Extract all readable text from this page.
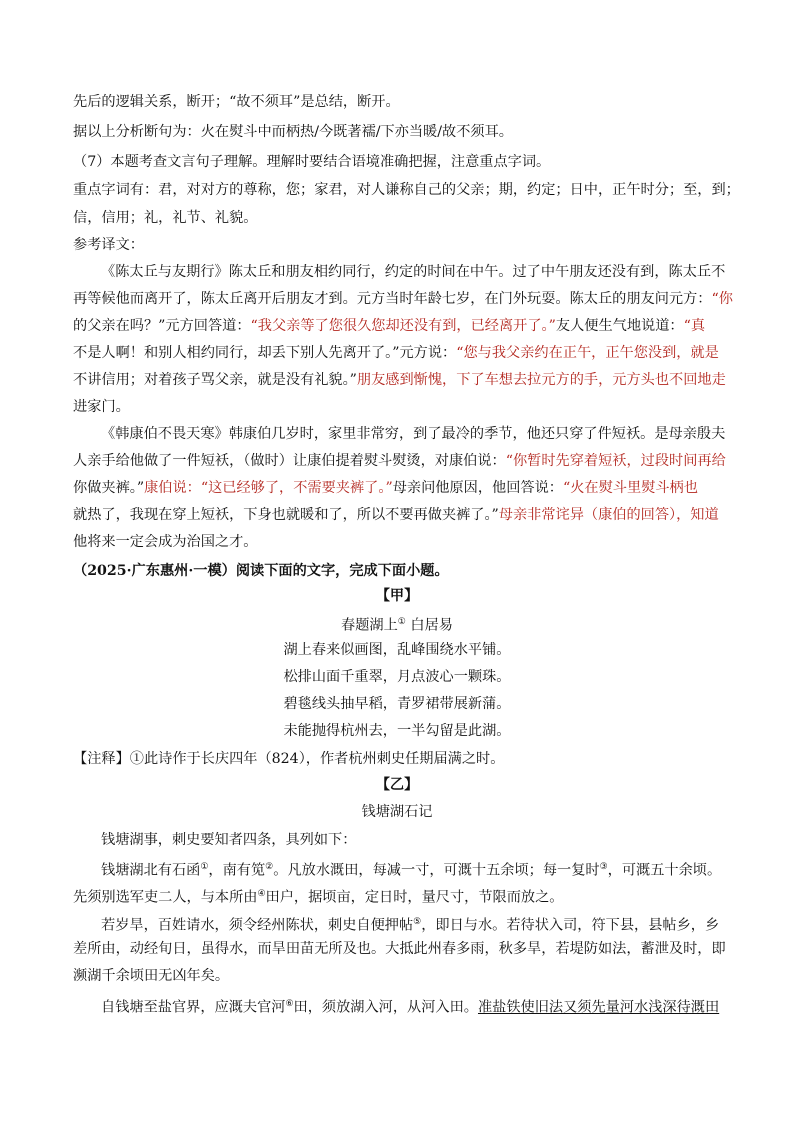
先后的逻辑关系，断开；“故不须耳”是总结，断开。
据以上分析断句为：火在熨斗中而柄热/今既著襦/下亦当暖/故不须耳。
（7）本题考查文言句子理解。理解时要结合语境准确把握，注意重点字词。
重点字词有：君，对对方的尊称，您；家君，对人谦称自己的父亲；期，约定；日中，正午时分；至，到；
信，信用；礼，礼节、礼貌。
参考译文：
《陈太丘与友期行》陈太丘和朋友相约同行，约定的时间在中午。过了中午朋友还没有到，陈太丘不
再等候他而离开了，陈太丘离开后朋友才到。元方当时年龄七岁，在门外玩耍。陈太丘的朋友问元方：“你
的父亲在吗？”元方回答道：“我父亲等了您很久您却还没有到，已经离开了。”友人便生气地说道：“真
不是人啊！和别人相约同行，却丢下别人先离开了。”元方说：“您与我父亲约在正午，正午您没到，就是
不讲信用；对着孩子骂父亲，就是没有礼貌。”朋友感到惭愧，下了车想去拉元方的手，元方头也不回地走
进家门。
《韩康伯不畏天寒》韩康伯几岁时，家里非常穷，到了最冷的季节，他还只穿了件短袄。是母亲殷夫
人亲手给他做了一件短袄，（做时）让康伯提着熨斗熨烫，对康伯说：“你暂时先穿着短袄，过段时间再给
你做夹裤。”康伯说：“这已经够了，不需要夹裤了。”母亲问他原因，他回答说：“火在熨斗里熨斗柄也
就热了，我现在穿上短袄，下身也就暖和了，所以不要再做夹裤了。”母亲非常诧异（康伯的回答），知道
他将来一定会成为治国之才。
（2025·广东惠州·一模）阅读下面的文字，完成下面小题。
【甲】
春题湖上① 白居易
湖上春来似画图，乱峰围绕水平铺。
松排山面千重翠，月点波心一颗珠。
碧毯线头抽早稻，青罗裙带展新蒲。
未能抛得杭州去，一半勾留是此湖。
【注释】①此诗作于长庆四年（824），作者杭州刺史任期届满之时。
【乙】
钱塘湖石记
钱塘湖事，刺史要知者四条，具列如下：
钱塘湖北有石函①，南有笕②。凡放水溉田，每减一寸，可溉十五余顷；每一复时③，可溉五十余顷。
先须别选军吏二人，与本所由④田户，据顷亩，定日时，量尺寸，节限而放之。
若岁旱，百姓请水，须令经州陈状，刺史自便押帖⑤，即日与水。若待状入司，符下县，县帖乡，乡
差所由，动经旬日，虽得水，而旱田苗无所及也。大抵此州春多雨，秋多旱，若堤防如法，蓄泄及时，即
濒湖千余顷田无凶年矣。
自钱塘至盐官界，应溉夫官河⑥田，须放湖入河，从河入田。准盐铁使旧法又须先量河水浅深待溉田
